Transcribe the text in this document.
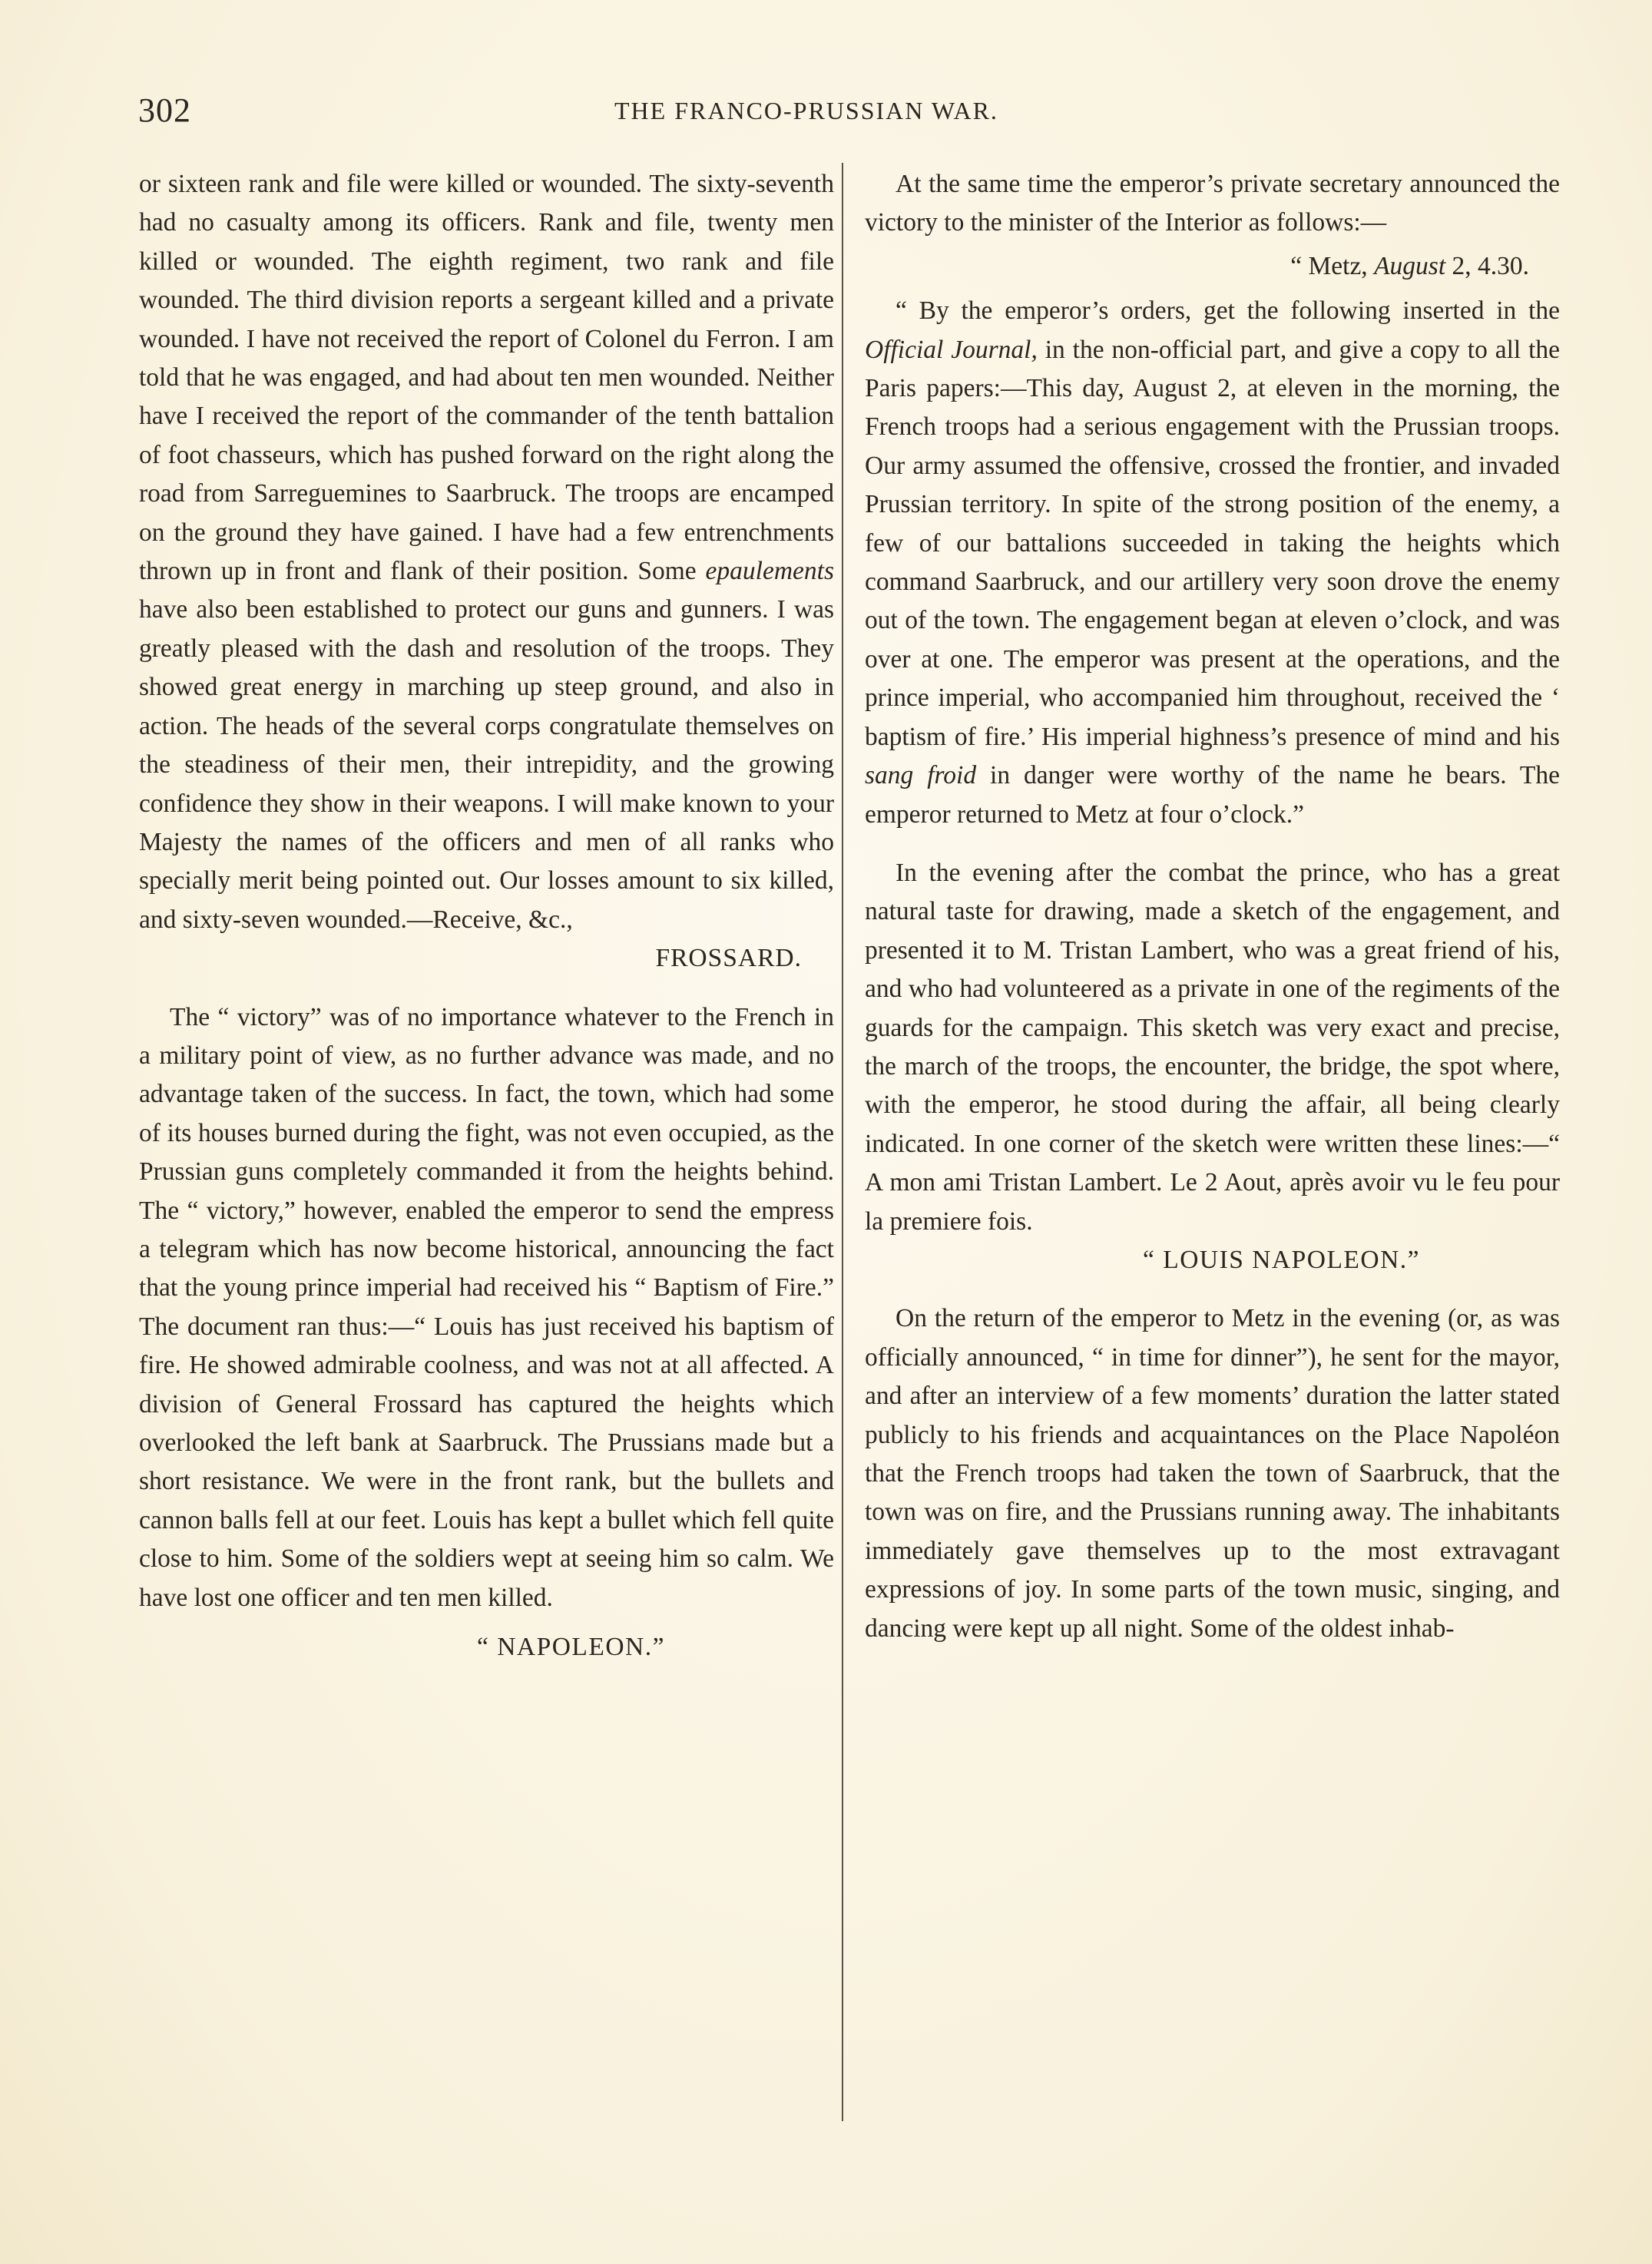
302	THE FRANCO-PRUSSIAN WAR.

or sixteen rank and file were killed or wounded. The sixty-seventh had no casualty among its officers. Rank and file, twenty men killed or wounded. The eighth regiment, two rank and file wounded. The third division reports a sergeant killed and a private wounded. I have not received the report of Colonel du Ferron. I am told that he was engaged, and had about ten men wounded. Neither have I received the report of the commander of the tenth battalion of foot chasseurs, which has pushed forward on the right along the road from Sarreguemines to Saarbruck. The troops are encamped on the ground they have gained. I have had a few entrenchments thrown up in front and flank of their position. Some epaulements have also been established to protect our guns and gunners. I was greatly pleased with the dash and resolution of the troops. They showed great energy in marching up steep ground, and also in action. The heads of the several corps congratulate themselves on the steadiness of their men, their intrepidity, and the growing confidence they show in their weapons. I will make known to your Majesty the names of the officers and men of all ranks who specially merit being pointed out. Our losses amount to six killed, and sixty-seven wounded.—Receive, &c.,

FROSSARD.

The “ victory” was of no importance whatever to the French in a military point of view, as no further advance was made, and no advantage taken of the success. In fact, the town, which had some of its houses burned during the fight, was not even occupied, as the Prussian guns completely commanded it from the heights behind. The “ victory,” however, enabled the emperor to send the empress a telegram which has now become historical, announcing the fact that the young prince imperial had received his “ Baptism of Fire.” The document ran thus:—“ Louis has just received his baptism of fire. He showed admirable coolness, and was not at all affected. A division of General Frossard has captured the heights which overlooked the left bank at Saarbruck. The Prussians made but a short resistance. We were in the front rank, but the bullets and cannon balls fell at our feet. Louis has kept a bullet which fell quite close to him. Some of the soldiers wept at seeing him so calm. We have lost one officer and ten men killed.

“ NAPOLEON.”

At the same time the emperor’s private secretary announced the victory to the minister of the Interior as follows:—

“ Metz, August 2, 4.30.

“ By the emperor’s orders, get the following inserted in the Official Journal, in the non-official part, and give a copy to all the Paris papers:—This day, August 2, at eleven in the morning, the French troops had a serious engagement with the Prussian troops. Our army assumed the offensive, crossed the frontier, and invaded Prussian territory. In spite of the strong position of the enemy, a few of our battalions succeeded in taking the heights which command Saarbruck, and our artillery very soon drove the enemy out of the town. The engagement began at eleven o’clock, and was over at one. The emperor was present at the operations, and the prince imperial, who accompanied him throughout, received the ‘ baptism of fire.’ His imperial highness’s presence of mind and his sang froid in danger were worthy of the name he bears. The emperor returned to Metz at four o’clock.”

In the evening after the combat the prince, who has a great natural taste for drawing, made a sketch of the engagement, and presented it to M. Tristan Lambert, who was a great friend of his, and who had volunteered as a private in one of the regiments of the guards for the campaign. This sketch was very exact and precise, the march of the troops, the encounter, the bridge, the spot where, with the emperor, he stood during the affair, all being clearly indicated. In one corner of the sketch were written these lines:—“ A mon ami Tristan Lambert. Le 2 Aout, après avoir vu le feu pour la premiere fois.

“ LOUIS NAPOLEON.”

On the return of the emperor to Metz in the evening (or, as was officially announced, “ in time for dinner”), he sent for the mayor, and after an interview of a few moments’ duration the latter stated publicly to his friends and acquaintances on the Place Napoléon that the French troops had taken the town of Saarbruck, that the town was on fire, and the Prussians running away. The inhabitants immediately gave themselves up to the most extravagant expressions of joy. In some parts of the town music, singing, and dancing were kept up all night. Some of the oldest inhab-
